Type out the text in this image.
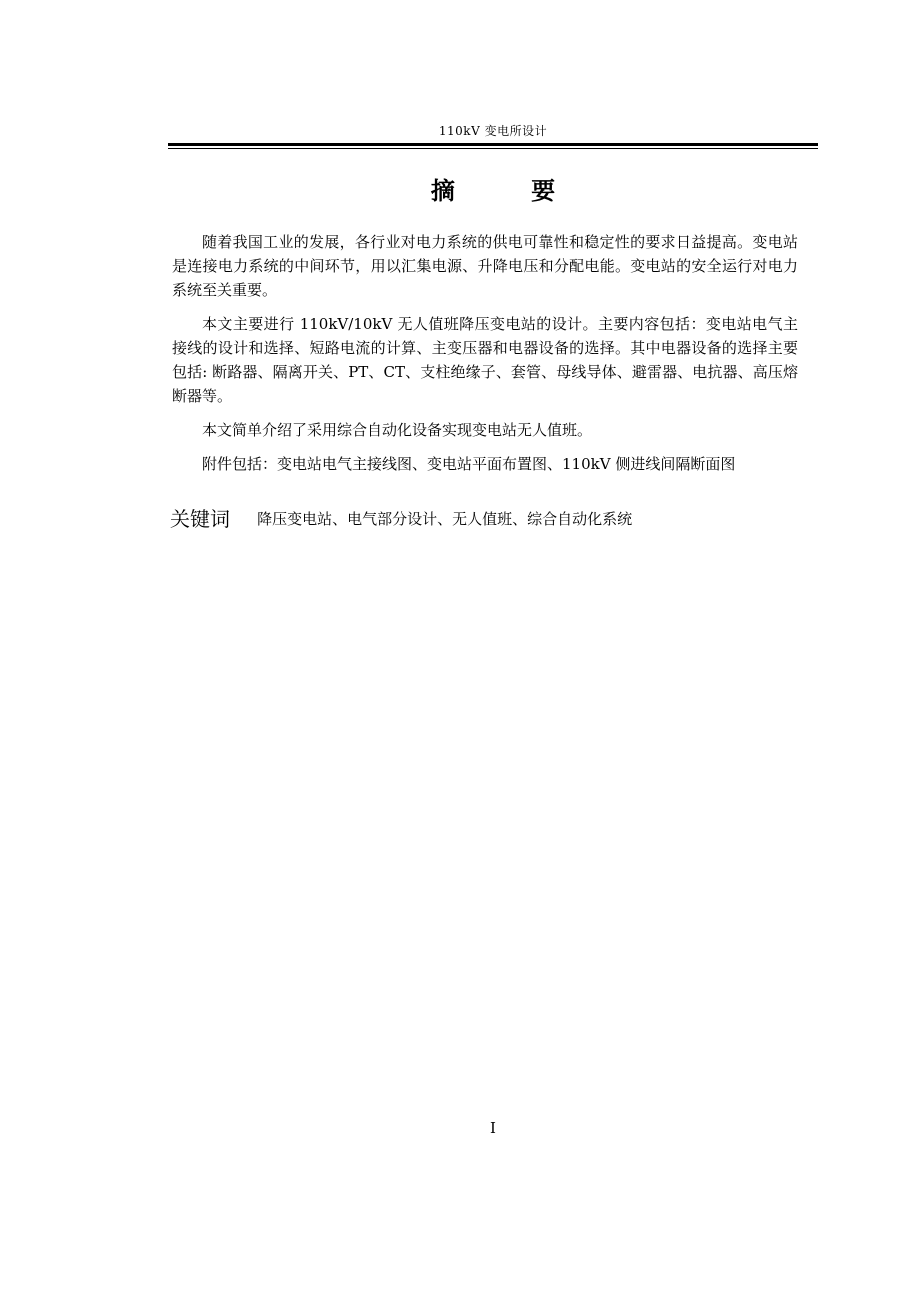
110kV 变电所设计
摘 要

随着我国工业的发展，各行业对电力系统的供电可靠性和稳定性的要求日益提高。变电站是连接电力系统的中间环节，用以汇集电源、升降电压和分配电能。变电站的安全运行对电力系统至关重要。

本文主要进行 110kV/10kV 无人值班降压变电站的设计。主要内容包括：变电站电气主接线的设计和选择、短路电流的计算、主变压器和电器设备的选择。其中电器设备的选择主要包括: 断路器、隔离开关、PT、CT、支柱绝缘子、套管、母线导体、避雷器、电抗器、高压熔断器等。

本文简单介绍了采用综合自动化设备实现变电站无人值班。

附件包括：变电站电气主接线图、变电站平面布置图、110kV 侧进线间隔断面图

关键词 降压变电站、电气部分设计、无人值班、综合自动化系统
I
